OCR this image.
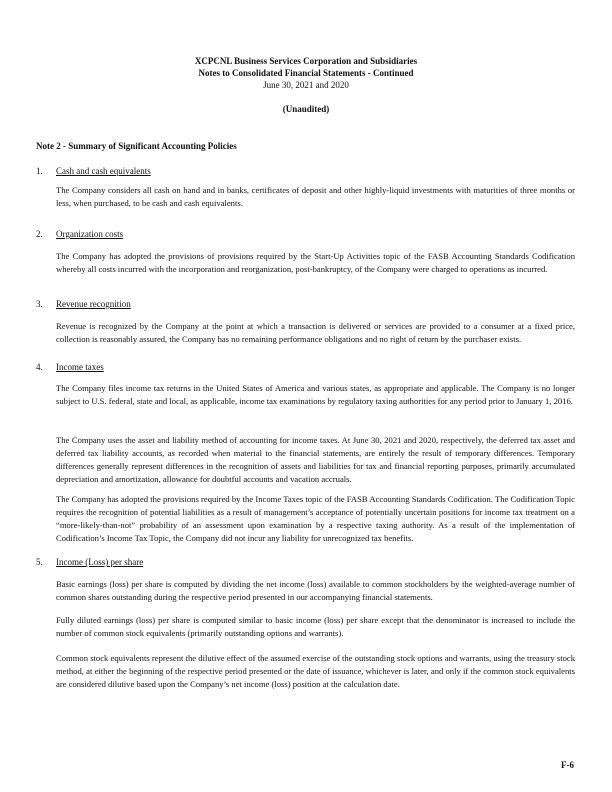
XCPCNL Business Services Corporation and Subsidiaries
Notes to Consolidated Financial Statements - Continued
June 30, 2021 and 2020
(Unaudited)
Note 2 - Summary of Significant Accounting Policies
1. Cash and cash equivalents
The Company considers all cash on hand and in banks, certificates of deposit and other highly-liquid investments with maturities of three months or less, when purchased, to be cash and cash equivalents.
2. Organization costs
The Company has adopted the provisions of provisions required by the Start-Up Activities topic of the FASB Accounting Standards Codification whereby all costs incurred with the incorporation and reorganization, post-bankruptcy, of the Company were charged to operations as incurred.
3. Revenue recognition
Revenue is recognized by the Company at the point at which a transaction is delivered or services are provided to a consumer at a fixed price, collection is reasonably assured, the Company has no remaining performance obligations and no right of return by the purchaser exists.
4. Income taxes
The Company files income tax returns in the United States of America and various states, as appropriate and applicable. The Company is no longer subject to U.S. federal, state and local, as applicable, income tax examinations by regulatory taxing authorities for any period prior to January 1, 2016.
The Company uses the asset and liability method of accounting for income taxes. At June 30, 2021 and 2020, respectively, the deferred tax asset and deferred tax liability accounts, as recorded when material to the financial statements, are entirely the result of temporary differences. Temporary differences generally represent differences in the recognition of assets and liabilities for tax and financial reporting purposes, primarily accumulated depreciation and amortization, allowance for doubtful accounts and vacation accruals.
The Company has adopted the provisions required by the Income Taxes topic of the FASB Accounting Standards Codification. The Codification Topic requires the recognition of potential liabilities as a result of management’s acceptance of potentially uncertain positions for income tax treatment on a “more-likely-than-not” probability of an assessment upon examination by a respective taxing authority. As a result of the implementation of Codification’s Income Tax Topic, the Company did not incur any liability for unrecognized tax benefits.
5. Income (Loss) per share
Basic earnings (loss) per share is computed by dividing the net income (loss) available to common stockholders by the weighted-average number of common shares outstanding during the respective period presented in our accompanying financial statements.
Fully diluted earnings (loss) per share is computed similar to basic income (loss) per share except that the denominator is increased to include the number of common stock equivalents (primarily outstanding options and warrants).
Common stock equivalents represent the dilutive effect of the assumed exercise of the outstanding stock options and warrants, using the treasury stock method, at either the beginning of the respective period presented or the date of issuance, whichever is later, and only if the common stock equivalents are considered dilutive based upon the Company’s net income (loss) position at the calculation date.
F-6
